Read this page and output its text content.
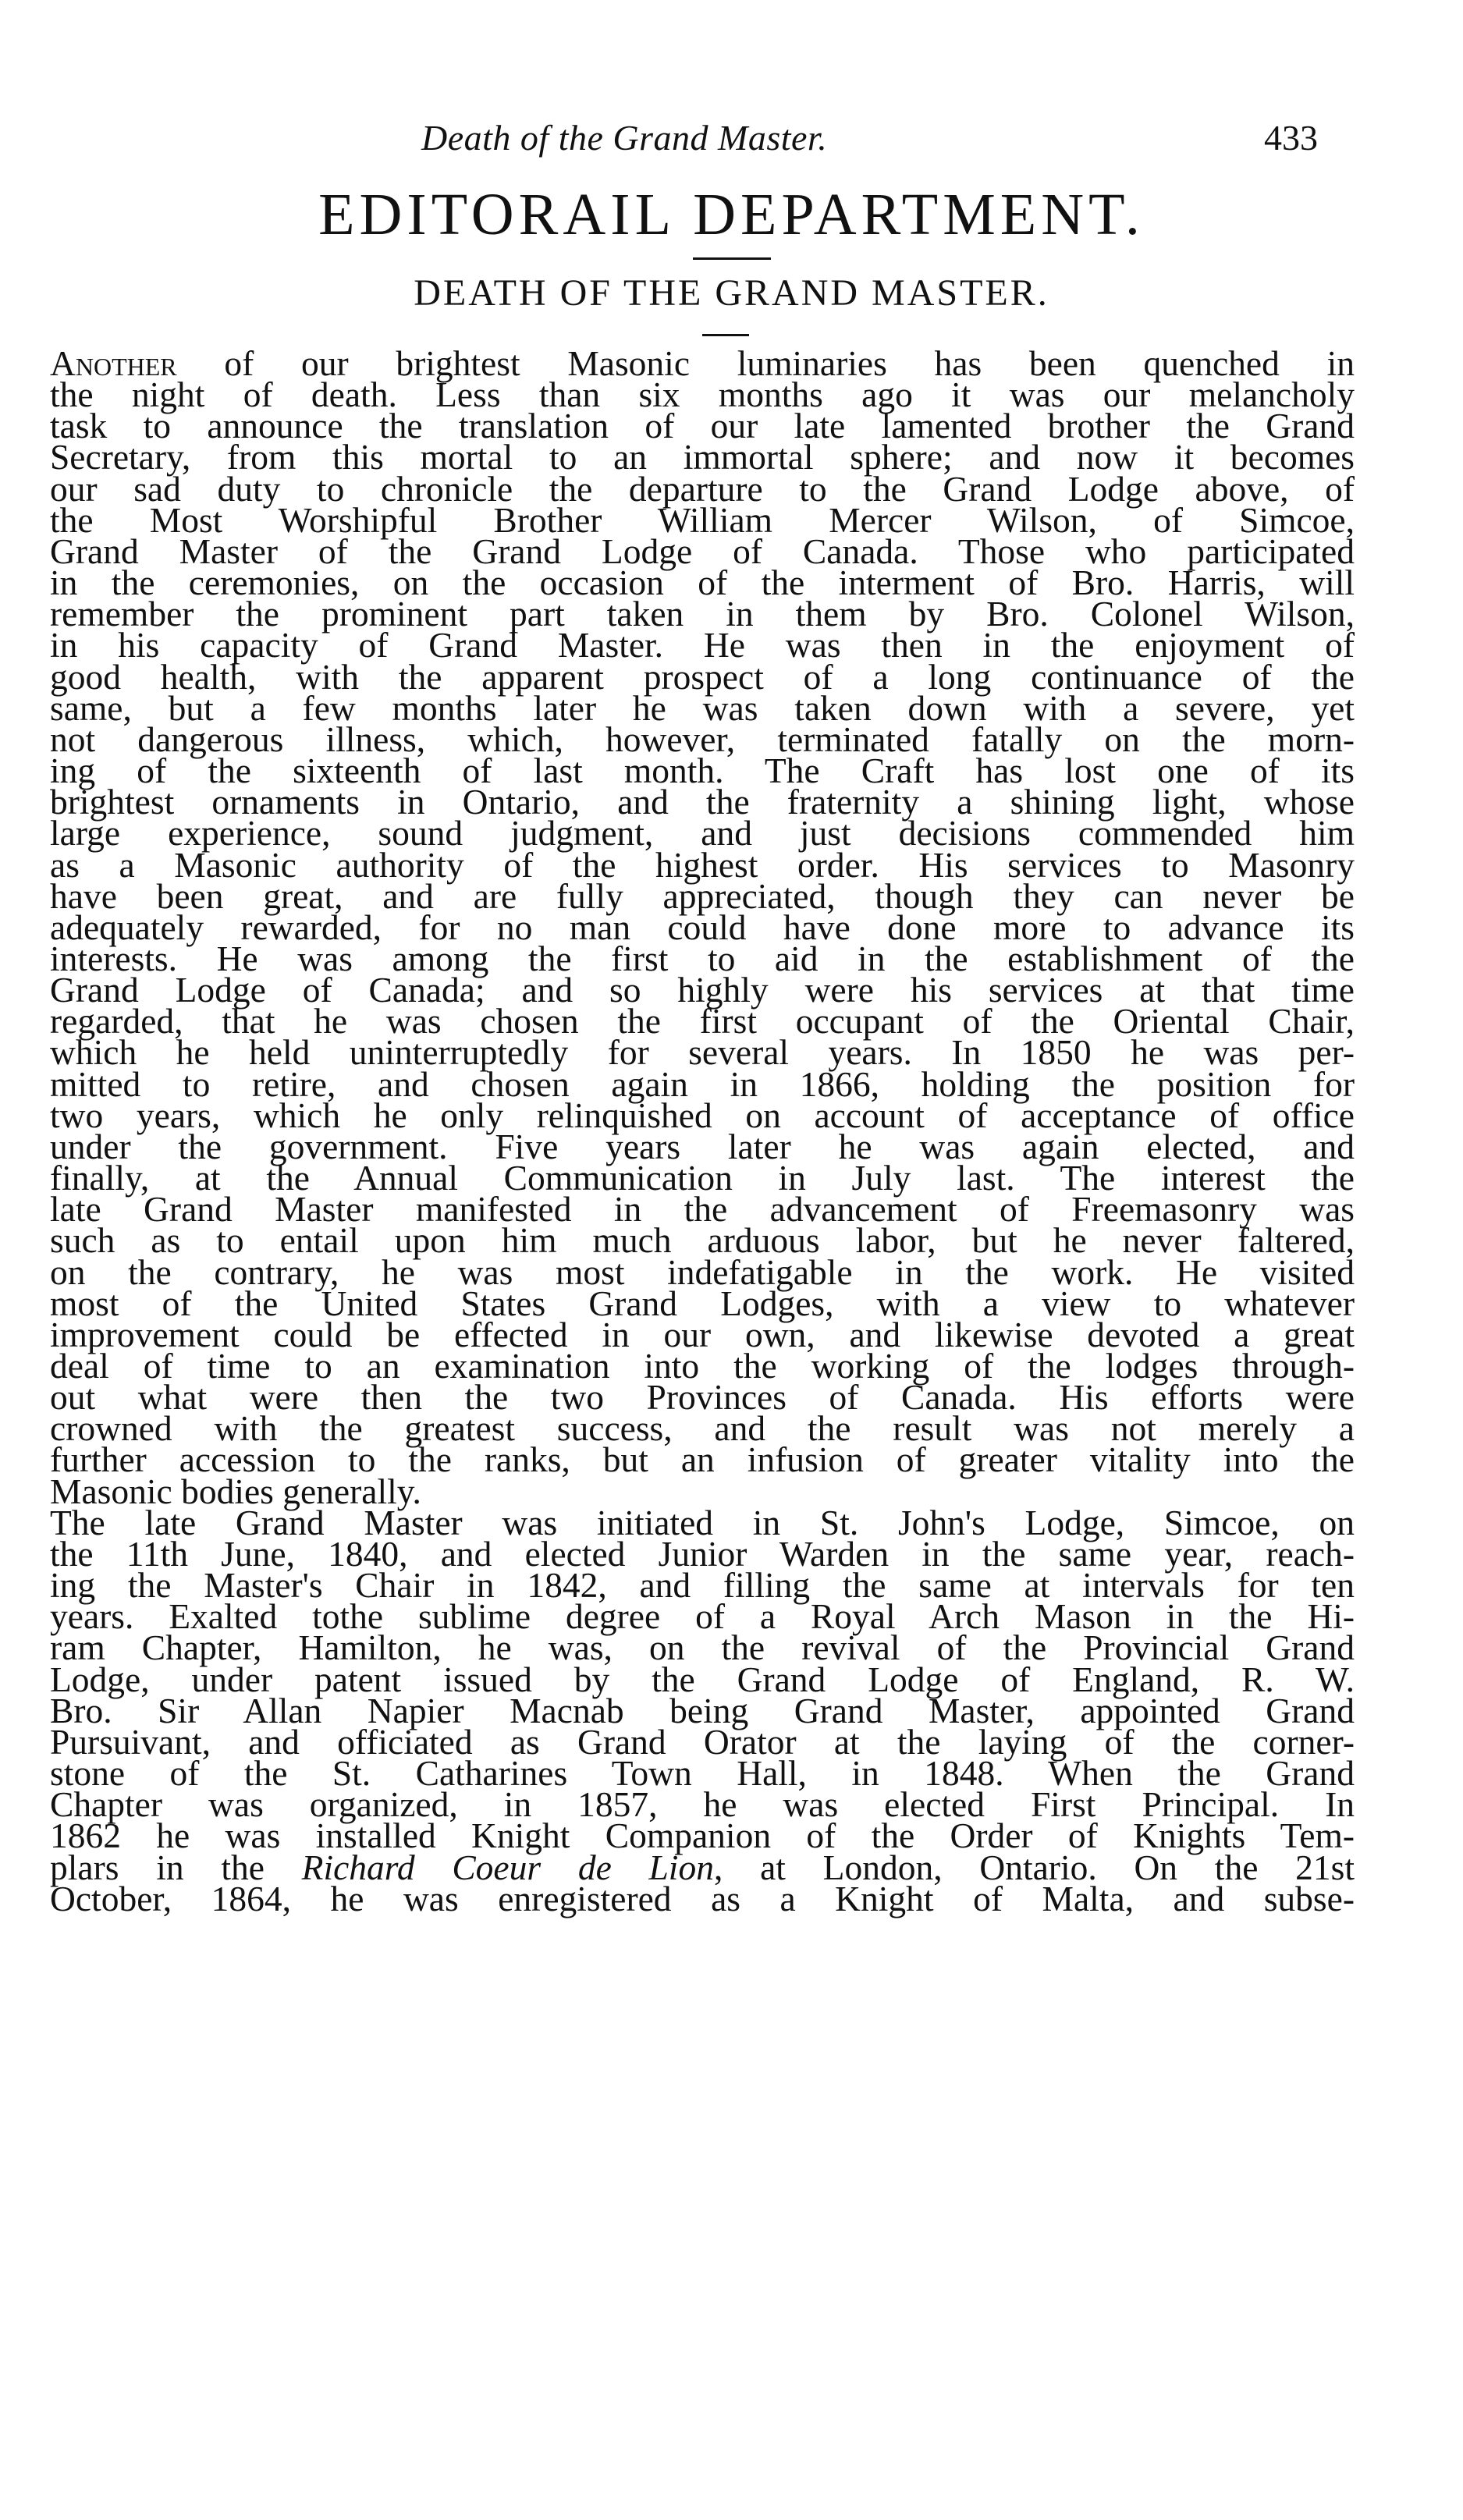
Death of the Grand Master.	433
EDITORAIL DEPARTMENT.
DEATH OF THE GRAND MASTER.

Another of our brightest Masonic luminaries has been quenched in
the night of death. Less than six months ago it was our melancholy
task to announce the translation of our late lamented brother the Grand
Secretary, from this mortal to an immortal sphere; and now it becomes
our sad duty to chronicle the departure to the Grand Lodge above, of
the Most Worshipful Brother William Mercer Wilson, of Simcoe,
Grand Master of the Grand Lodge of Canada. Those who participated
in the ceremonies, on the occasion of the interment of Bro. Harris, will
remember the prominent part taken in them by Bro. Colonel Wilson,
in his capacity of Grand Master. He was then in the enjoyment of
good health, with the apparent prospect of a long continuance of the
same, but a few months later he was taken down with a severe, yet
not dangerous illness, which, however, terminated fatally on the morn-
ing of the sixteenth of last month. The Craft has lost one of its
brightest ornaments in Ontario, and the fraternity a shining light, whose
large experience, sound judgment, and just decisions commended him
as a Masonic authority of the highest order. His services to Masonry
have been great, and are fully appreciated, though they can never be
adequately rewarded, for no man could have done more to advance its
interests. He was among the first to aid in the establishment of the
Grand Lodge of Canada; and so highly were his services at that time
regarded, that he was chosen the first occupant of the Oriental Chair,
which he held uninterruptedly for several years. In 1850 he was per-
mitted to retire, and chosen again in 1866, holding the position for
two years, which he only relinquished on account of acceptance of office
under the government. Five years later he was again elected, and
finally, at the Annual Communication in July last. The interest the
late Grand Master manifested in the advancement of Freemasonry was
such as to entail upon him much arduous labor, but he never faltered,
on the contrary, he was most indefatigable in the work. He visited
most of the United States Grand Lodges, with a view to whatever
improvement could be effected in our own, and likewise devoted a great
deal of time to an examination into the working of the lodges through-
out what were then the two Provinces of Canada. His efforts were
crowned with the greatest success, and the result was not merely a
further accession to the ranks, but an infusion of greater vitality into the
Masonic bodies generally.

The late Grand Master was initiated in St. John's Lodge, Simcoe, on
the 11th June, 1840, and elected Junior Warden in the same year, reach-
ing the Master's Chair in 1842, and filling the same at intervals for ten
years. Exalted tothe sublime degree of a Royal Arch Mason in the Hi-
ram Chapter, Hamilton, he was, on the revival of the Provincial Grand
Lodge, under patent issued by the Grand Lodge of England, R. W.
Bro. Sir Allan Napier Macnab being Grand Master, appointed Grand
Pursuivant, and officiated as Grand Orator at the laying of the corner-
stone of the St. Catharines Town Hall, in 1848. When the Grand
Chapter was organized, in 1857, he was elected First Principal. In
1862 he was installed Knight Companion of the Order of Knights Tem-
plars in the Richard Coeur de Lion, at London, Ontario. On the 21st
October, 1864, he was enregistered as a Knight of Malta, and subse-
